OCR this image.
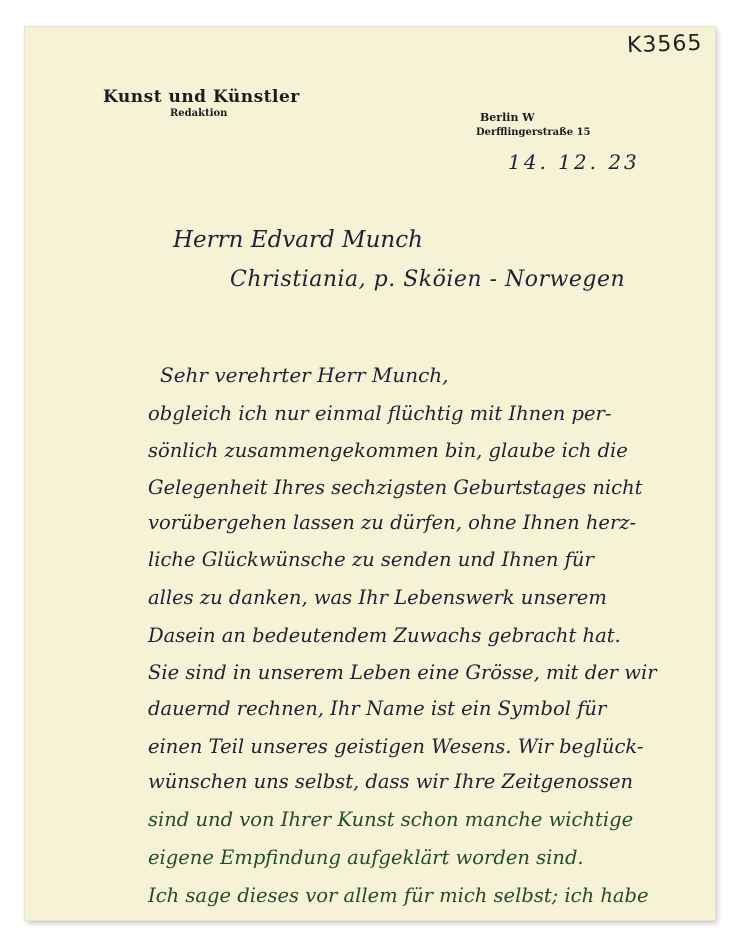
K3565
Kunst und Künstler
Redaktion	Berlin W
Derfflingerstraße 15
14. 12. 23
Herrn Edvard Munch
Christiania, p. Sköien - Norwegen
Sehr verehrter Herr Munch,
obgleich ich nur einmal flüchtig mit Ihnen per-
sönlich zusammengekommen bin, glaube ich die
Gelegenheit Ihres sechzigsten Geburtstages nicht
vorübergehen lassen zu dürfen, ohne Ihnen herz-
liche Glückwünsche zu senden und Ihnen für
alles zu danken, was Ihr Lebenswerk unserem
Dasein an bedeutendem Zuwachs gebracht hat.
Sie sind in unserem Leben eine Grösse, mit der wir
dauernd rechnen, Ihr Name ist ein Symbol für
einen Teil unseres geistigen Wesens. Wir beglück-
wünschen uns selbst, dass wir Ihre Zeitgenossen
sind und von Ihrer Kunst schon manche wichtige
eigene Empfindung aufgeklärt worden sind.
Ich sage dieses vor allem für mich selbst; ich habe
